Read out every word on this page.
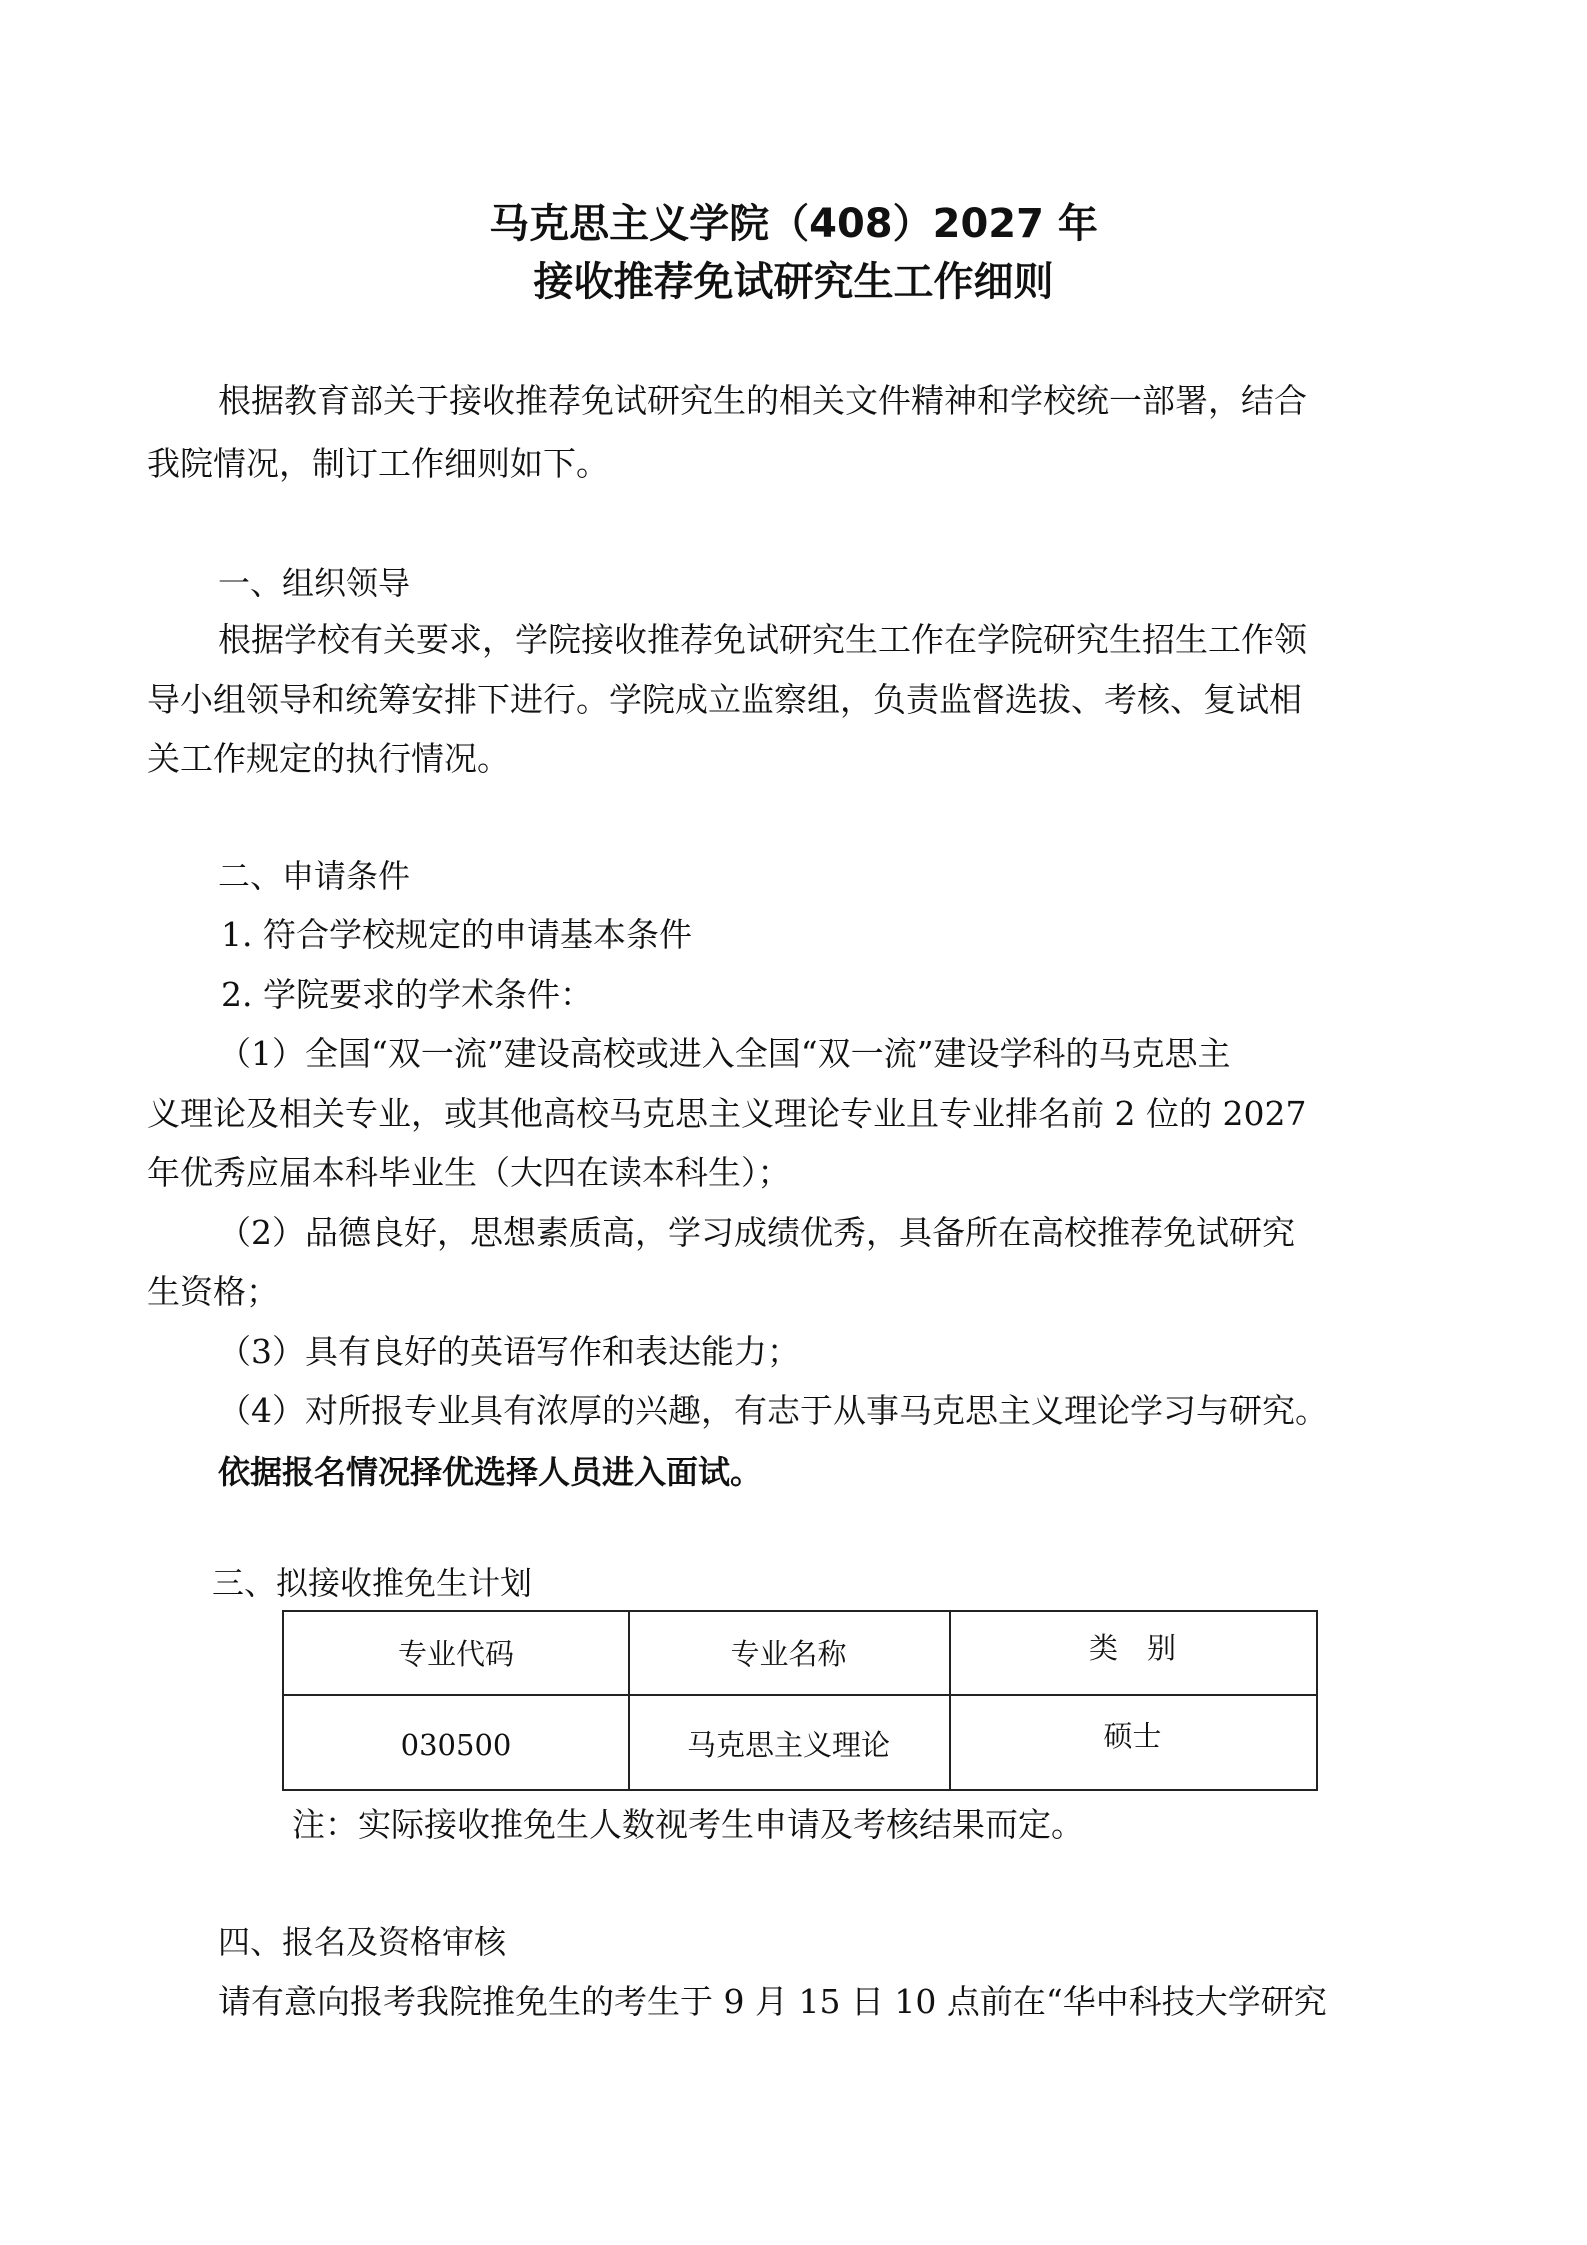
马克思主义学院（408）2027 年
接收推荐免试研究生工作细则

根据教育部关于接收推荐免试研究生的相关文件精神和学校统一部署，结合

我院情况，制订工作细则如下。

一、组织领导

根据学校有关要求，学院接收推荐免试研究生工作在学院研究生招生工作领

导小组领导和统筹安排下进行。学院成立监察组，负责监督选拔、考核、复试相

关工作规定的执行情况。

二、申请条件

1. 符合学校规定的申请基本条件

2. 学院要求的学术条件：

（1）全国“双一流”建设高校或进入全国“双一流”建设学科的马克思主

义理论及相关专业，或其他高校马克思主义理论专业且专业排名前 2 位的 2027

年优秀应届本科毕业生（大四在读本科生）；

（2）品德良好，思想素质高，学习成绩优秀，具备所在高校推荐免试研究

生资格；

（3）具有良好的英语写作和表达能力；

（4）对所报专业具有浓厚的兴趣，有志于从事马克思主义理论学习与研究。

依据报名情况择优选择人员进入面试。

三、拟接收推免生计划

专业代码	专业名称	类　别
030500	马克思主义理论	硕士

注：实际接收推免生人数视考生申请及考核结果而定。

四、报名及资格审核

请有意向报考我院推免生的考生于 9 月 15 日 10 点前在“华中科技大学研究
